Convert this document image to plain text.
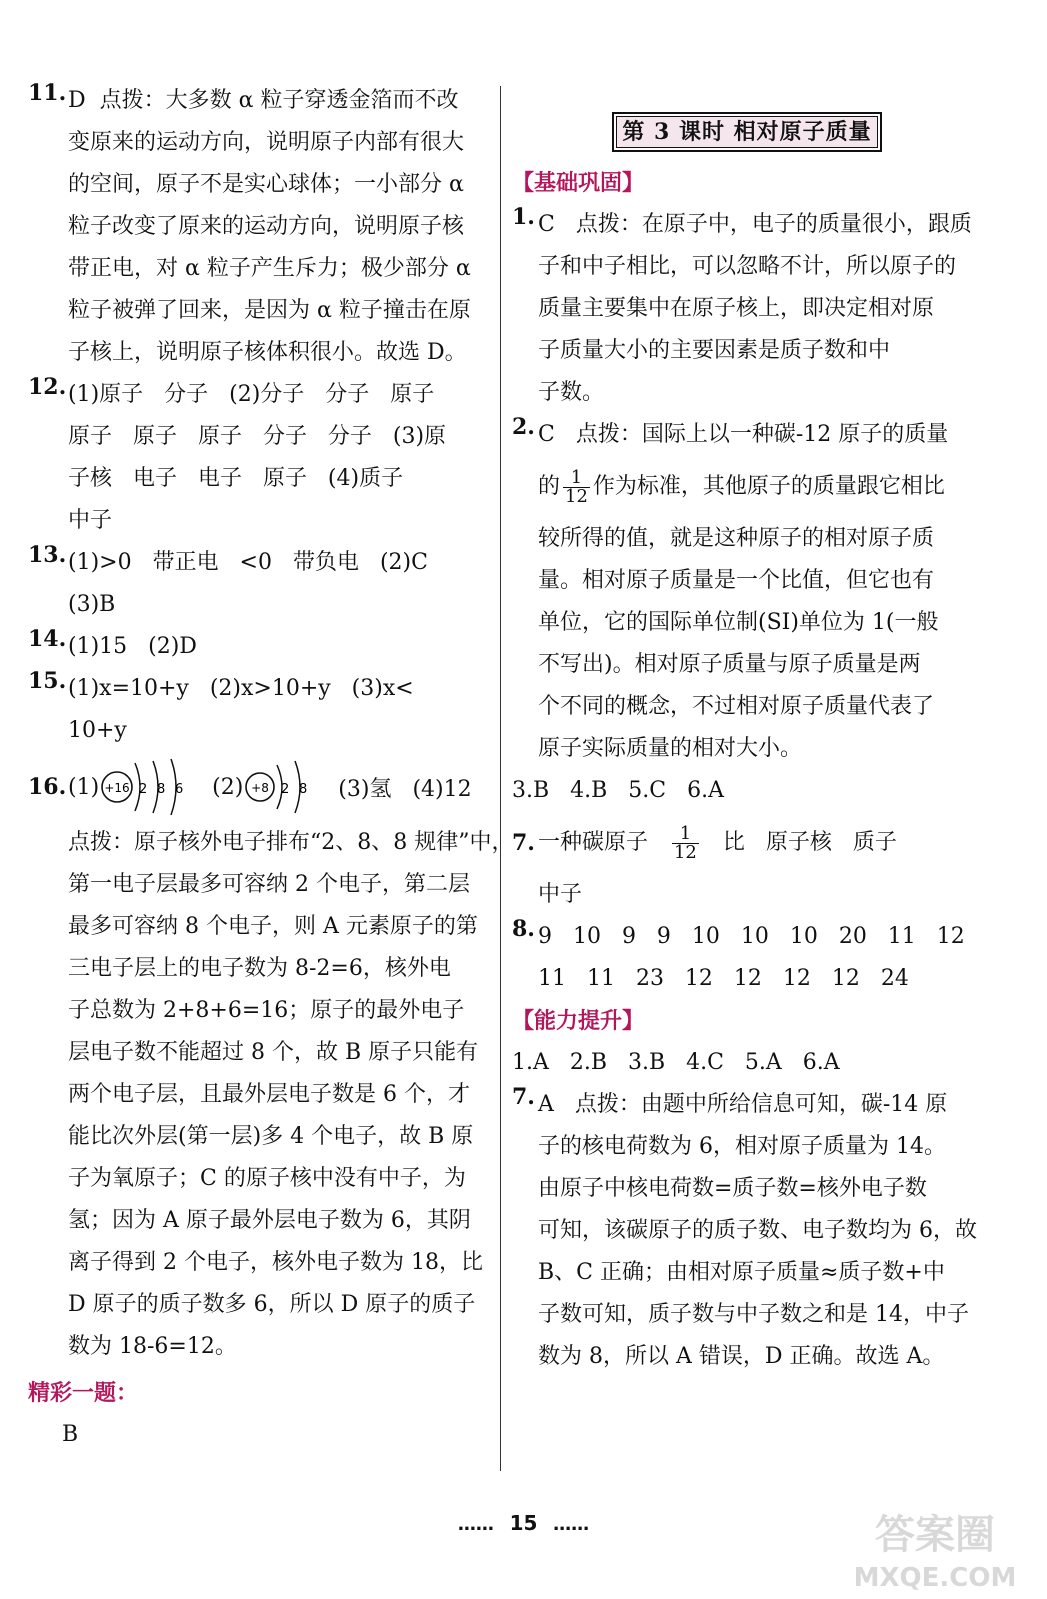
11. D  点拨：大多数 α 粒子穿透金箔而不改
变原来的运动方向，说明原子内部有很大
的空间，原子不是实心球体；一小部分 α
粒子改变了原来的运动方向，说明原子核
带正电，对 α 粒子产生斥力；极少部分 α
粒子被弹了回来，是因为 α 粒子撞击在原
子核上，说明原子核体积很小。故选 D。
12. (1)原子   分子   (2)分子   分子   原子
原子   原子   原子   分子   分子   (3)原
子核   电子   电子   原子   (4)质子
中子
13. (1)>0   带正电   <0   带负电   (2)C
(3)B
14. (1)15   (2)D
15. (1)x=10+y   (2)x>10+y   (3)x<
10+y
16. (1) +16 2 8 6 (2) +8 2 8 (3)氢   (4)12
点拨：原子核外电子排布“2、8、8 规律”中，
第一电子层最多可容纳 2 个电子，第二层
最多可容纳 8 个电子，则 A 元素原子的第
三电子层上的电子数为 8-2=6，核外电
子总数为 2+8+6=16；原子的最外电子
层电子数不能超过 8 个，故 B 原子只能有
两个电子层，且最外层电子数是 6 个，才
能比次外层(第一层)多 4 个电子，故 B 原
子为氧原子；C 的原子核中没有中子，为
氢；因为 A 原子最外层电子数为 6，其阴
离子得到 2 个电子，核外电子数为 18，比
D 原子的质子数多 6，所以 D 原子的质子
数为 18-6=12。
精彩一题：
B
第 3 课时 相对原子质量
【基础巩固】
1. C   点拨：在原子中，电子的质量很小，跟质
子和中子相比，可以忽略不计，所以原子的
质量主要集中在原子核上，即决定相对原
子质量大小的主要因素是质子数和中
子数。
2. C   点拨：国际上以一种碳-12 原子的质量
的 $\frac{1}{12}$ 作为标准，其他原子的质量跟它相比
较所得的值，就是这种原子的相对原子质
量。相对原子质量是一个比值，但它也有
单位，它的国际单位制(SI)单位为 1(一般
不写出)。相对原子质量与原子质量是两
个不同的概念，不过相对原子质量代表了
原子实际质量的相对大小。
3.B   4.B   5.C   6.A
7. 一种碳原子 $\frac{1}{12}$ 比   原子核   质子
中子
8. 9   10   9   9   10   10   10   20   11   12
11   11   23   12   12   12   12   24
【能力提升】
1.A   2.B   3.B   4.C   5.A   6.A
7. A   点拨：由题中所给信息可知，碳-14 原
子的核电荷数为 6，相对原子质量为 14。
由原子中核电荷数=质子数=核外电子数
可知，该碳原子的质子数、电子数均为 6，故
B、C 正确；由相对原子质量≈质子数+中
子数可知，质子数与中子数之和是 14，中子
数为 8，所以 A 错误，D 正确。故选 A。
…… 15 ……	答案圈
MXQE.COM
